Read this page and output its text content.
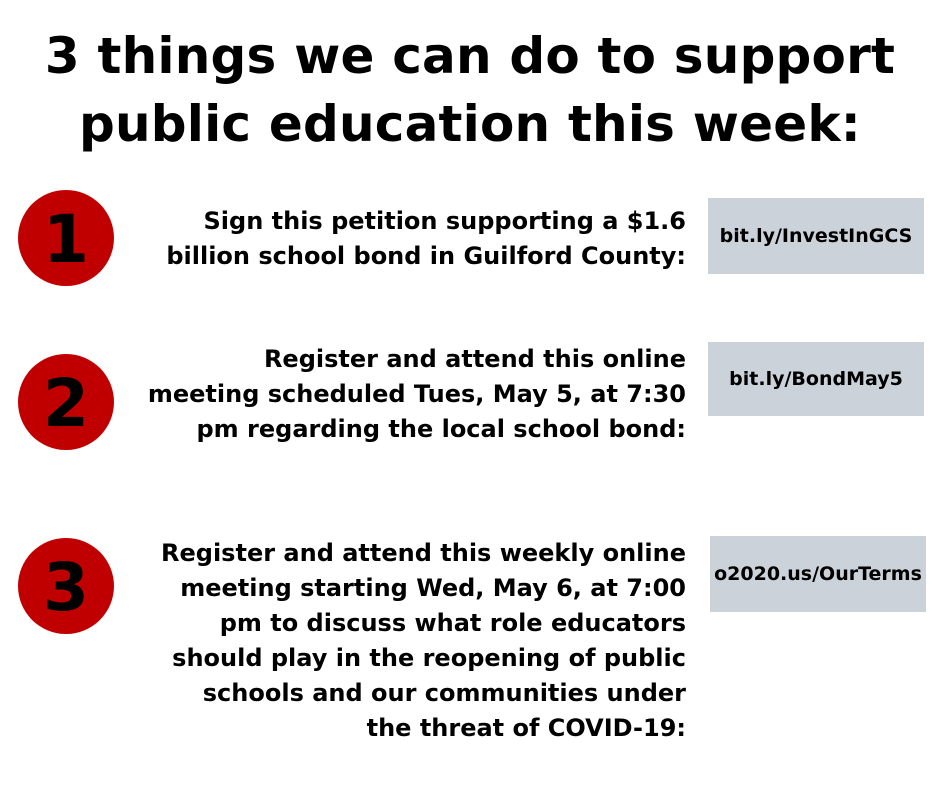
3 things we can do to support
public education this week:
1	Sign this petition supporting a $1.6
billion school bond in Guilford County:
bit.ly/InvestInGCS
2
Register and attend this online
meeting scheduled Tues, May 5, at 7:30
pm regarding the local school bond:
bit.ly/BondMay5
3	Register and attend this weekly online
meeting starting Wed, May 6, at 7:00
pm to discuss what role educators
should play in the reopening of public
schools and our communities under
the threat of COVID-19:
o2020.us/OurTerms
